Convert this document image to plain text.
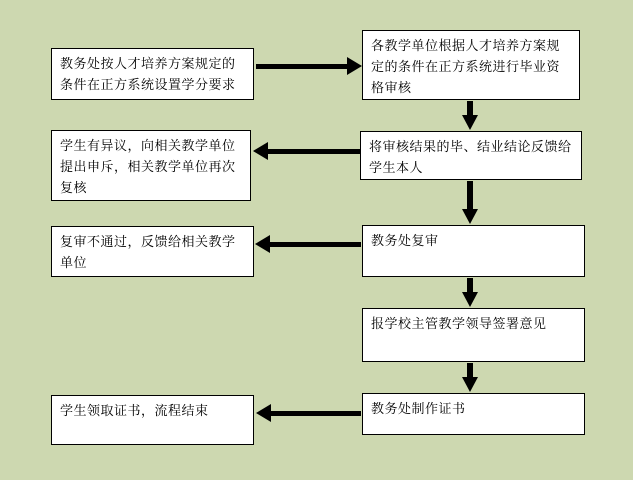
教务处按人才培养方案规定的条件在正方系统设置学分要求
各教学单位根据人才培养方案规定的条件在正方系统进行毕业资格审核
将审核结果的毕、结业结论反馈给学生本人
学生有异议，向相关教学单位提出申斥，相关教学单位再次复核
复审不通过，反馈给相关教学单位
教务处复审
报学校主管教学领导签署意见
教务处制作证书
学生领取证书，流程结束
